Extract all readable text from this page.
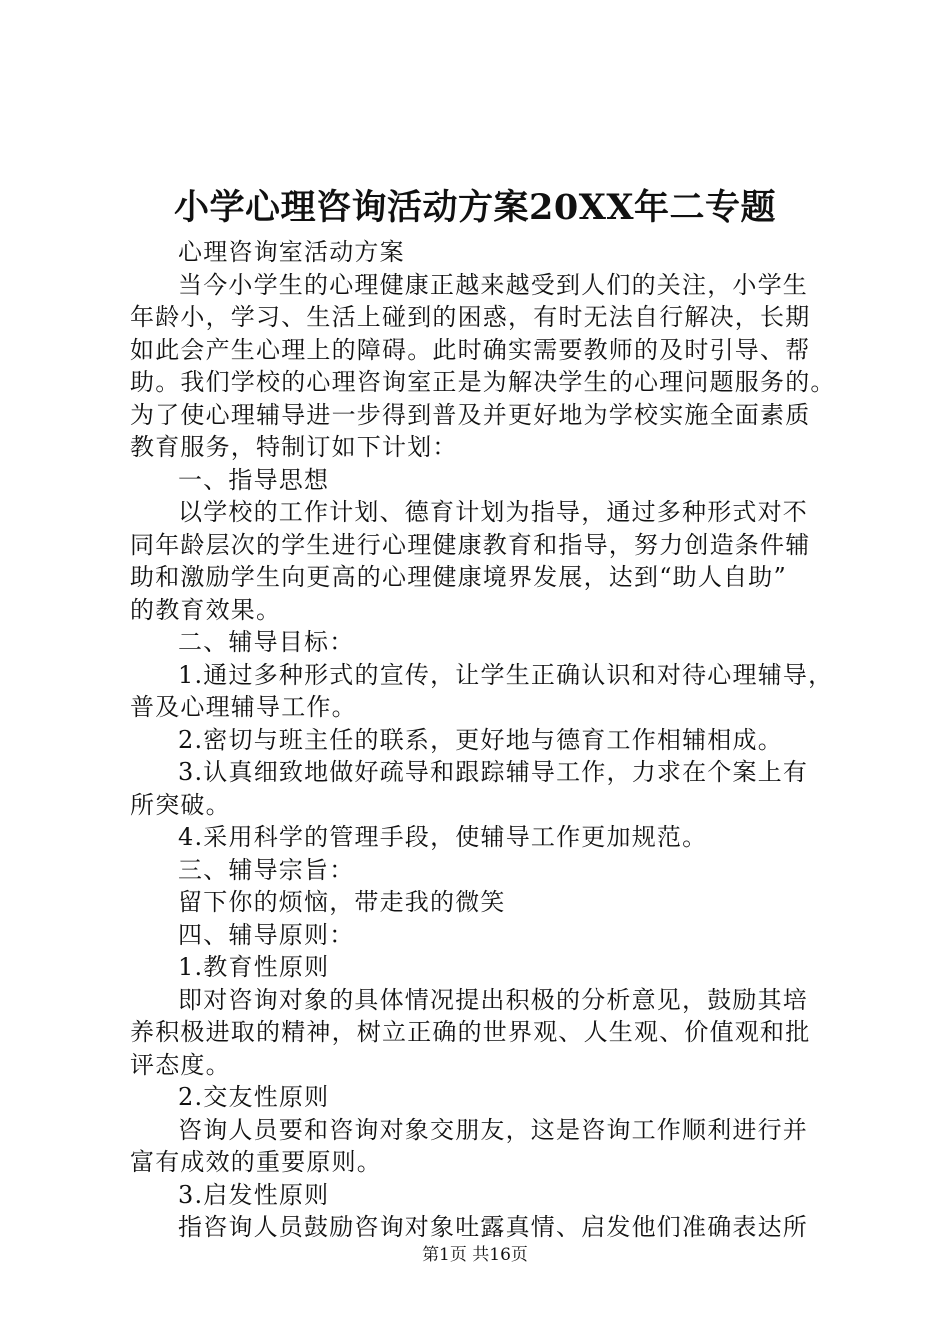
小学心理咨询活动方案20XX年二专题
心理咨询室活动方案
当今小学生的心理健康正越来越受到人们的关注，小学生
年龄小，学习、生活上碰到的困惑，有时无法自行解决，长期
如此会产生心理上的障碍。此时确实需要教师的及时引导、帮
助。我们学校的心理咨询室正是为解决学生的心理问题服务的。
为了使心理辅导进一步得到普及并更好地为学校实施全面素质
教育服务，特制订如下计划：
一、指导思想
以学校的工作计划、德育计划为指导，通过多种形式对不
同年龄层次的学生进行心理健康教育和指导，努力创造条件辅
助和激励学生向更高的心理健康境界发展，达到“助人自助”
的教育效果。
二、辅导目标：
1.通过多种形式的宣传，让学生正确认识和对待心理辅导，
普及心理辅导工作。
2.密切与班主任的联系，更好地与德育工作相辅相成。
3.认真细致地做好疏导和跟踪辅导工作，力求在个案上有
所突破。
4.采用科学的管理手段，使辅导工作更加规范。
三、辅导宗旨：
留下你的烦恼，带走我的微笑
四、辅导原则：
1.教育性原则
即对咨询对象的具体情况提出积极的分析意见，鼓励其培
养积极进取的精神，树立正确的世界观、人生观、价值观和批
评态度。
2.交友性原则
咨询人员要和咨询对象交朋友，这是咨询工作顺利进行并
富有成效的重要原则。
3.启发性原则
指咨询人员鼓励咨询对象吐露真情、启发他们准确表达所
第1页 共16页
